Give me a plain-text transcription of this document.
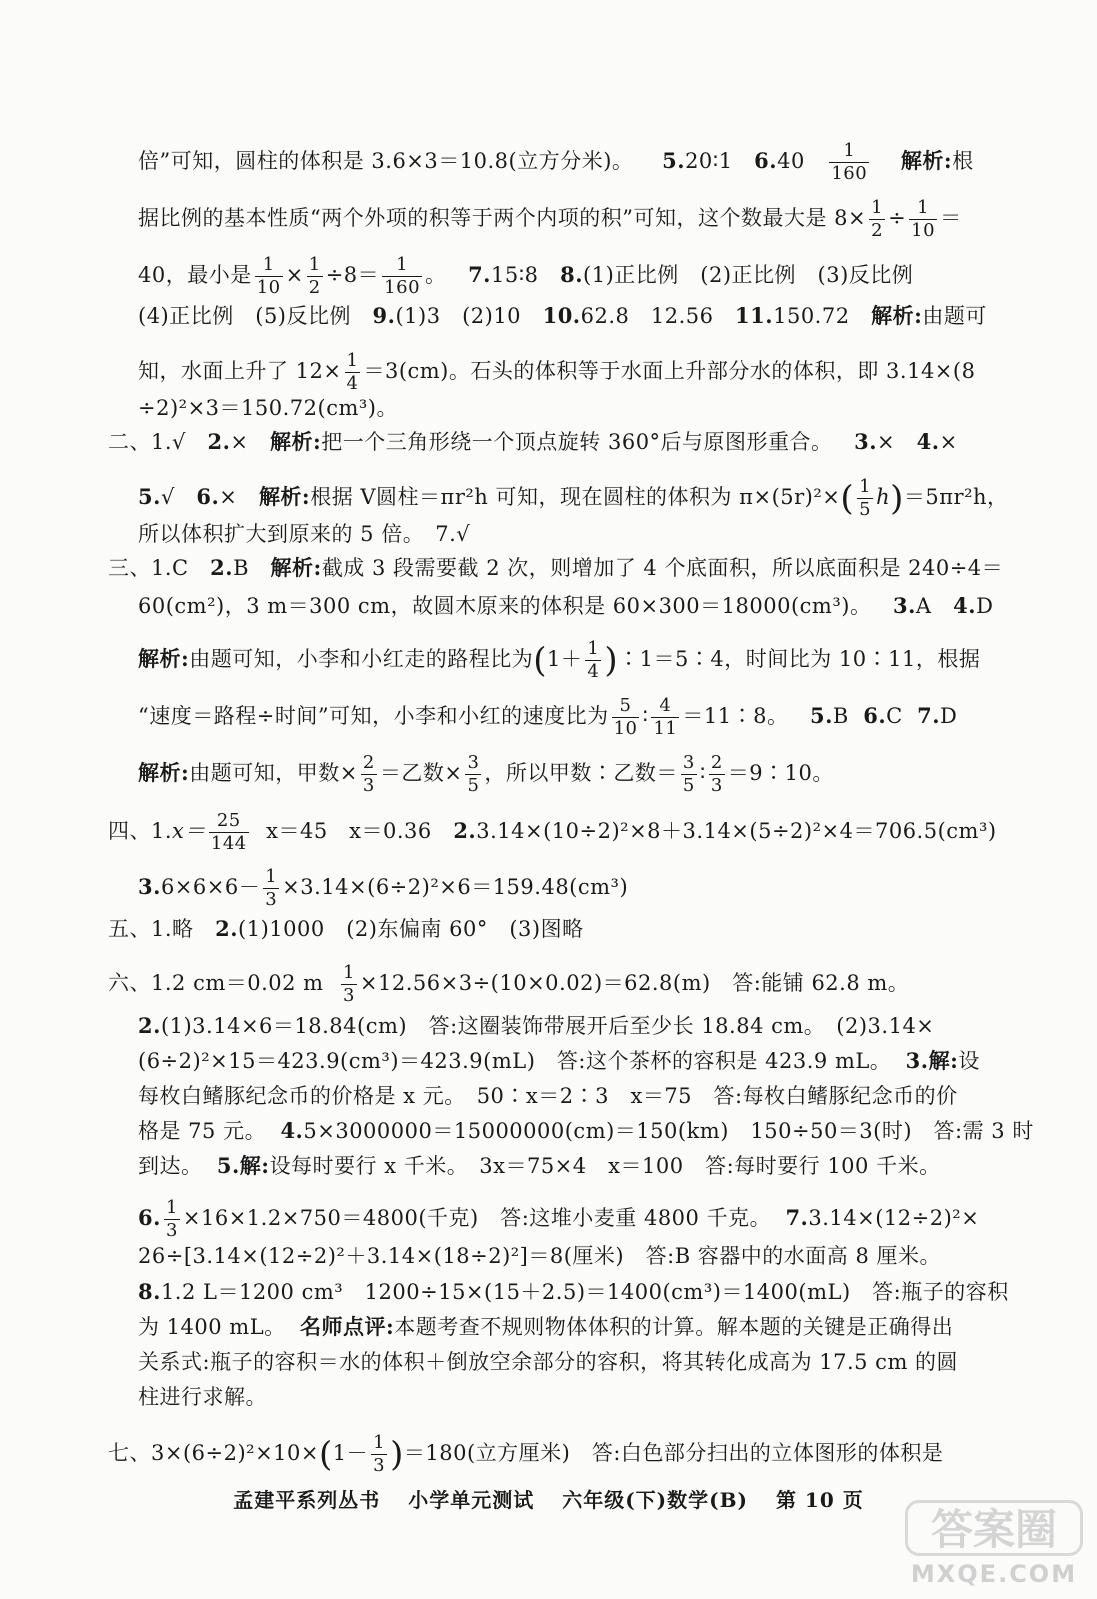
倍”可知，圆柱的体积是 3.6×3＝10.8(立方分米)。 5.20∶1 $6.40 \frac{1}{160}$ 解析:根
据比例的基本性质“两个外项的积等于两个内项的积”可知，这个数最大是 $8\times \frac{1}{2} \div \frac{1}{10}$ ＝
40，最小是 $\frac{1}{10} \times \frac{1}{2} \div 8= \frac{1}{160}$ 。 7.15∶8 8.(1)正比例　(2)正比例　(3)反比例
(4)正比例　(5)反比例 9.(1)3　(2)10 10.62.8　12.56 11.150.72 解析:由题可
知，水面上升了 $12\times \frac{1}{4} =3(cm)$。石头的体积等于水面上升部分水的体积，即 3.14×(8
÷2)²×3＝150.72(cm³)。
二、1.√ 2.× 解析:把一个三角形绕一个顶点旋转 360°后与原图形重合。 3.× 4.×
5.√ 6.× 解析:根据 V圆柱＝πr²h 可知，现在圆柱的体积为 $\pi\times(5r)^2\times( \frac{1}{5} h)=5\pi r^2h$，
所以体积扩大到原来的 5 倍。　7.√
三、1.C 2.B 解析:截成 3 段需要截 2 次，则增加了 4 个底面积，所以底面积是 240÷4＝
60(cm²)，3 m＝300 cm，故圆木原来的体积是 60×300＝18000(cm³)。 3.A 4.D
解析:由题可知，小李和小红走的路程比为($1+ \frac{1}{4}$ )∶1＝5∶4，时间比为 10∶11，根据
“速度＝路程÷时间”可知，小李和小红的速度比为 $\frac{5}{10}$ ∶ $\frac{4}{11}$ ＝11∶8。 5.B 6.C 7.D
解析:由题可知，甲数× $\frac{2}{3}$ ＝乙数× $\frac{3}{5}$ ，所以甲数∶乙数＝ $\frac{3}{5}$ ∶ $\frac{2}{3}$ ＝9∶10。
四、$1.x= \frac{25}{144} x=45$　x＝0.36 2.3.14×(10÷2)²×8＋3.14×(5÷2)²×4＝706.5(cm³)
$3.6\times 6\times 6- \frac{1}{3} \times 3.14\times(6\div 2)^2\times 6=159.48(cm^3)$
五、1.略 2.(1)1000　(2)东偏南 60°　(3)图略
六、1.2 cm＝0.02 m $\frac{1}{3} \times 12.56\times 3\div(10\times 0.02)=62.8(m)$　答:能铺 62.8 m。
2.(1)3.14×6＝18.84(cm)　答:这圈装饰带展开后至少长 18.84 cm。　(2)3.14×
(6÷2)²×15＝423.9(cm³)＝423.9(mL)　答:这个茶杯的容积是 423.9 mL。 3.解:设
每枚白鳍豚纪念币的价格是 x 元。　50∶x＝2∶3　x＝75　答:每枚白鳍豚纪念币的价
格是 75 元。 4.5×3000000＝15000000(cm)＝150(km)　150÷50＝3(时)　答:需 3 时
到达。 5.解:设每时要行 x 千米。　3x＝75×4　x＝100　答:每时要行 100 千米。
6. $\frac{1}{3} \times 16\times 1.2\times 750=4800$(千克)　答:这堆小麦重 4800 千克。 7.3.14×(12÷2)²×
26÷[3.14×(12÷2)²＋3.14×(18÷2)²]＝8(厘米)　答:B 容器中的水面高 8 厘米。
8.1.2 L＝1200 cm³　1200÷15×(15＋2.5)＝1400(cm³)＝1400(mL)　答:瓶子的容积
为 1400 mL。 名师点评:本题考查不规则物体体积的计算。解本题的关键是正确得出
关系式:瓶子的容积＝水的体积＋倒放空余部分的容积，将其转化成高为 17.5 cm 的圆
柱进行求解。
七、$3\times(6\div 2)^2\times 10\times(1- \frac{1}{3} )=180$(立方厘米)　答:白色部分扫出的立体图形的体积是
孟建平系列丛书 小学单元测试 六年级(下)数学(B) 第 10 页
答案圈
MXQE.COM
